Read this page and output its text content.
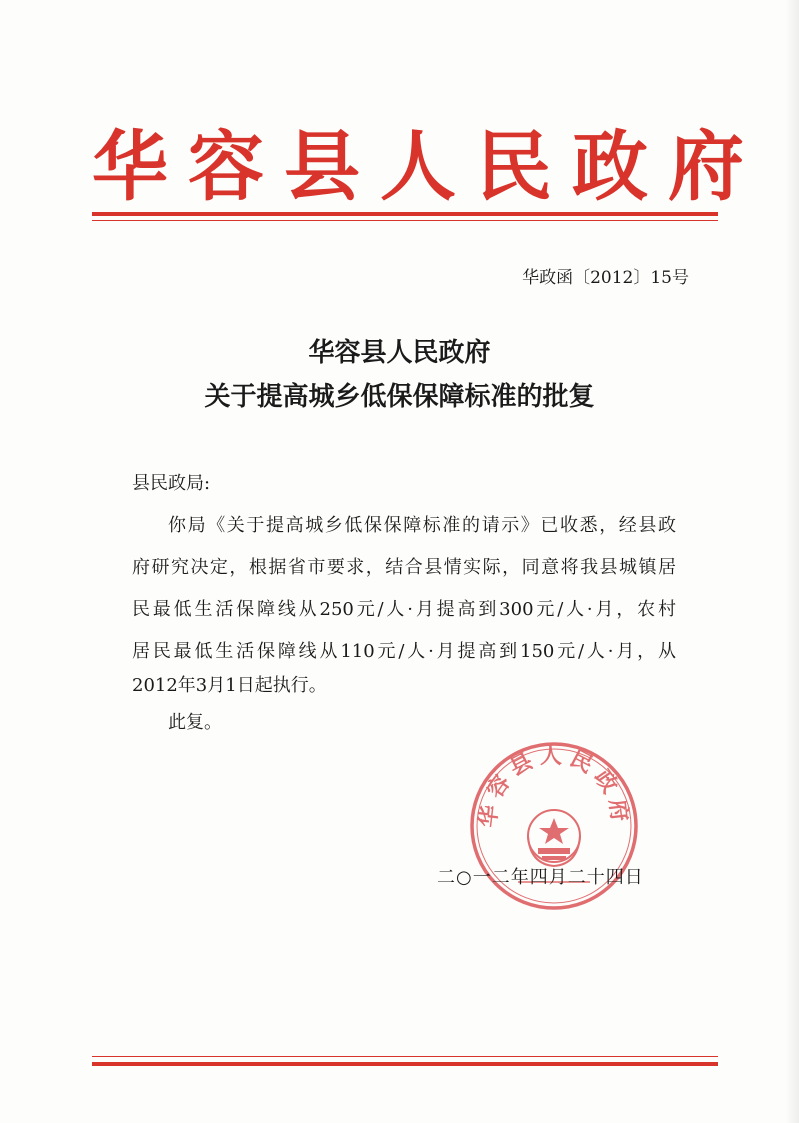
华容县人民政府
华政函〔2012〕15号
华容县人民政府
关于提高城乡低保保障标准的批复
县民政局:
你局《关于提高城乡低保保障标准的请示》已收悉，经县政
府研究决定，根据省市要求，结合县情实际，同意将我县城镇居
民最低生活保障线从250元/人·月提高到300元/人·月，农村
居民最低生活保障线从110元/人·月提高到150元/人·月，从
2012年3月1日起执行。
此复。
华容县人民政府
二○一二年四月二十四日
